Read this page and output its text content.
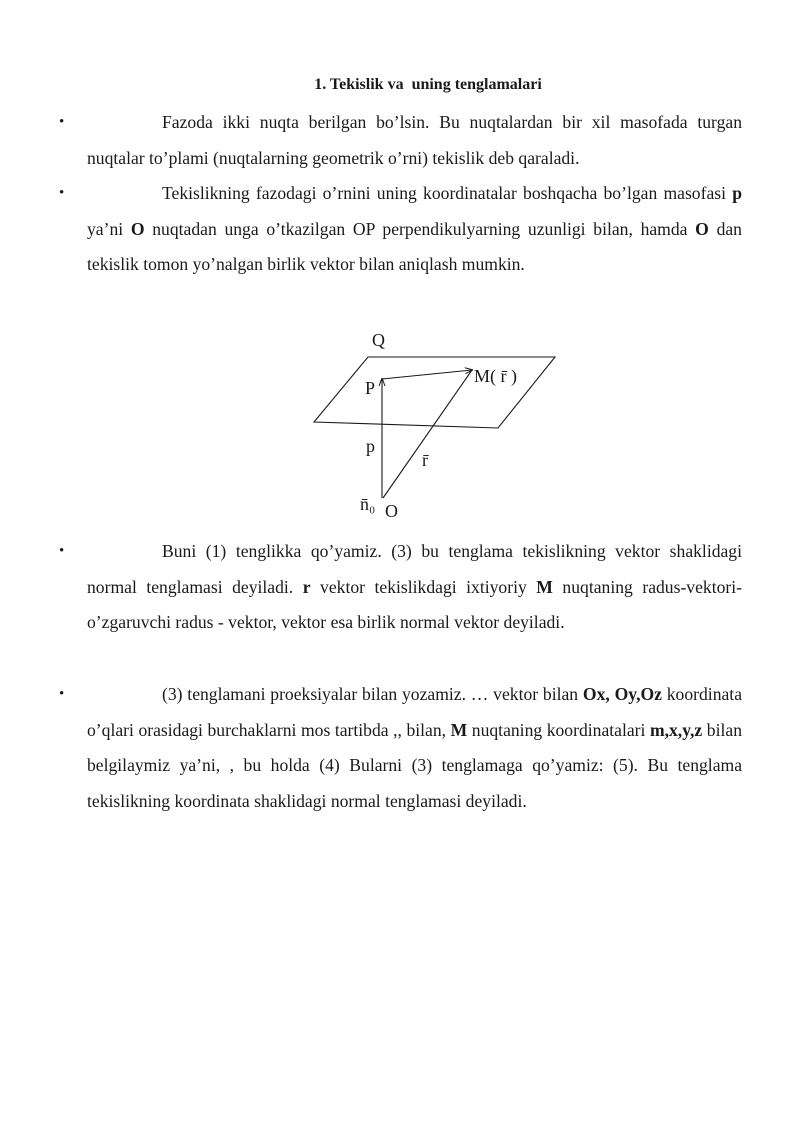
1. Tekislik va  uning tenglamalari
•	Fazoda ikki nuqta berilgan bo’lsin. Bu nuqtalardan bir xil masofada turgan nuqtalar to’plami (nuqtalarning geometrik o’rni) tekislik deb qaraladi.
•	Tekislikning fazodagi o’rnini uning koordinatalar boshqacha bo’lgan masofasi p ya’ni O nuqtadan unga o’tkazilgan OP perpendikulyarning uzunligi bilan, hamda O dan tekislik tomon yo’nalgan birlik vektor bilan aniqlash mumkin.
Q
P
M( r̄ )
p
r̄
n̄₀ O
•	Buni (1) tenglikka qo’yamiz. (3) bu tenglama tekislikning vektor shaklidagi normal tenglamasi deyiladi. r vektor tekislikdagi ixtiyoriy M nuqtaning radus-vektori-o’zgaruvchi radus - vektor, vektor esa birlik normal vektor deyiladi.
•	(3) tenglamani proeksiyalar bilan yozamiz. … vektor bilan Ox, Oy,Oz koordinata o’qlari orasidagi burchaklarni mos tartibda ,, bilan, M nuqtaning koordinatalari m,x,y,z bilan belgilaymiz ya’ni, , bu holda (4) Bularni (3) tenglamaga qo’yamiz: (5). Bu tenglama tekislikning koordinata shaklidagi normal tenglamasi deyiladi.
